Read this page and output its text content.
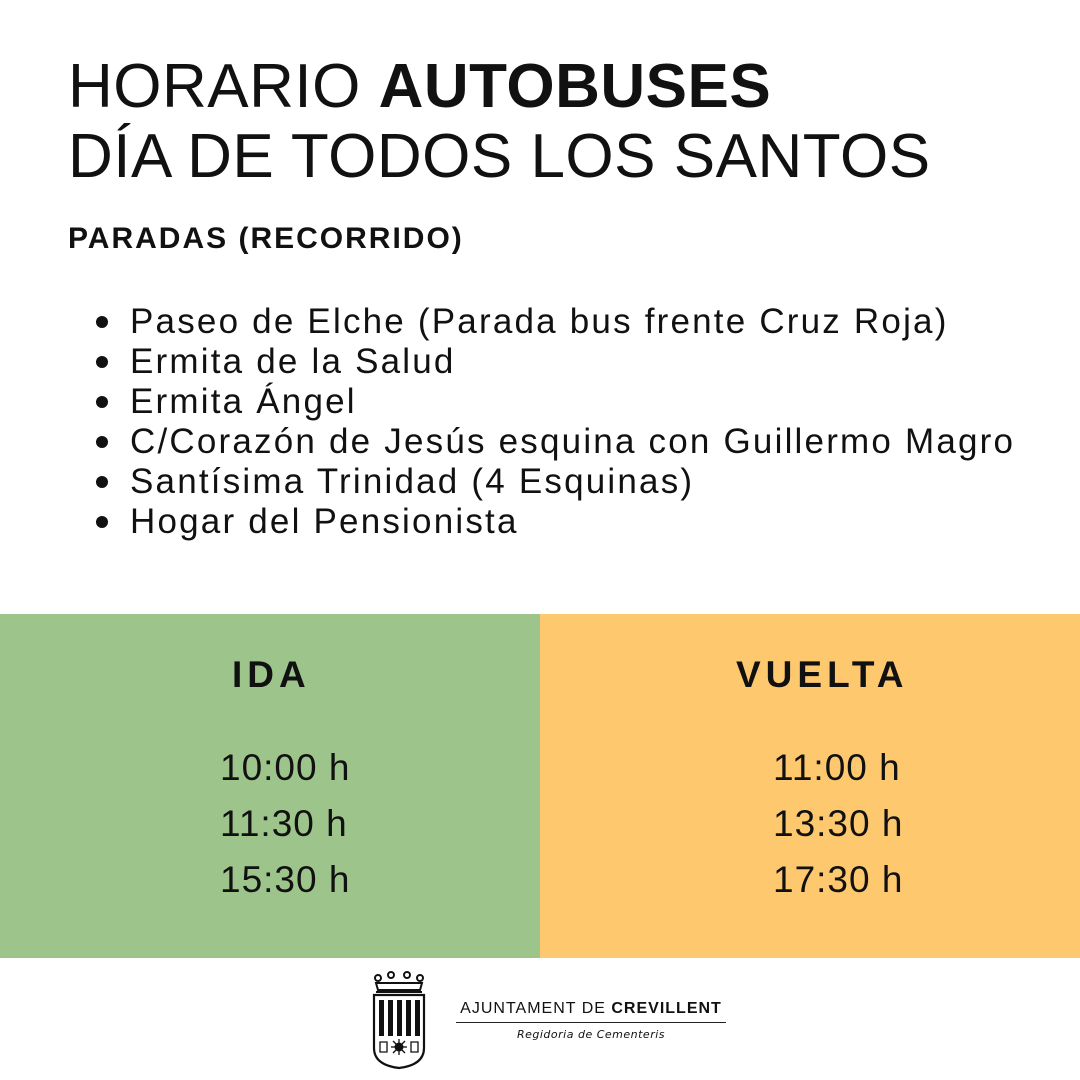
HORARIO AUTOBUSES
DÍA DE TODOS LOS SANTOS
PARADAS (RECORRIDO)
Paseo de Elche (Parada bus frente Cruz Roja)
Ermita de la Salud
Ermita Ángel
C/Corazón de Jesús esquina con Guillermo Magro
Santísima Trinidad (4 Esquinas)
Hogar del Pensionista
IDA
10:00 h
11:30 h
15:30 h
VUELTA
11:00 h
13:30 h
17:30 h
AJUNTAMENT DE CREVILLENT
Regidoria de Cementeris
